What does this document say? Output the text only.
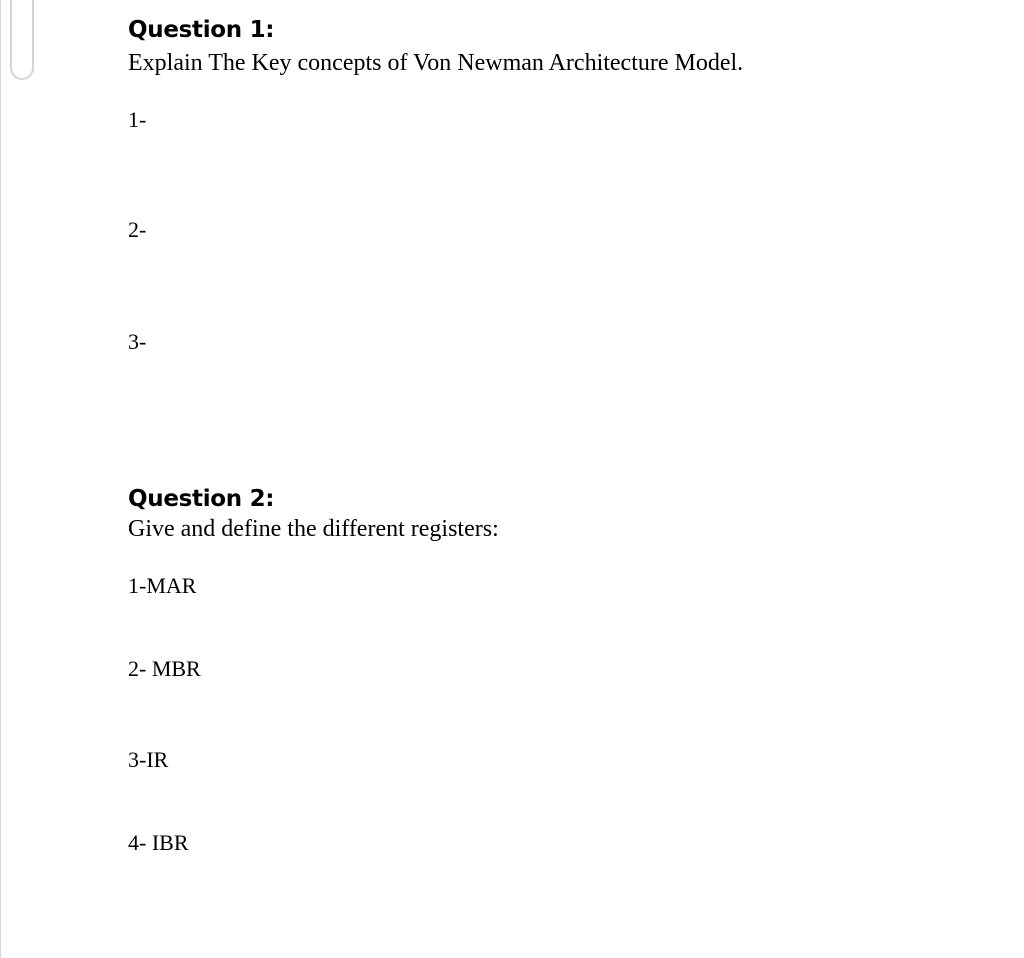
Question 1:

Explain The Key concepts of Von Newman Architecture Model.

1-

2-

3-

Question 2:

Give and define the different registers:

1-MAR

2- MBR

3-IR

4- IBR
